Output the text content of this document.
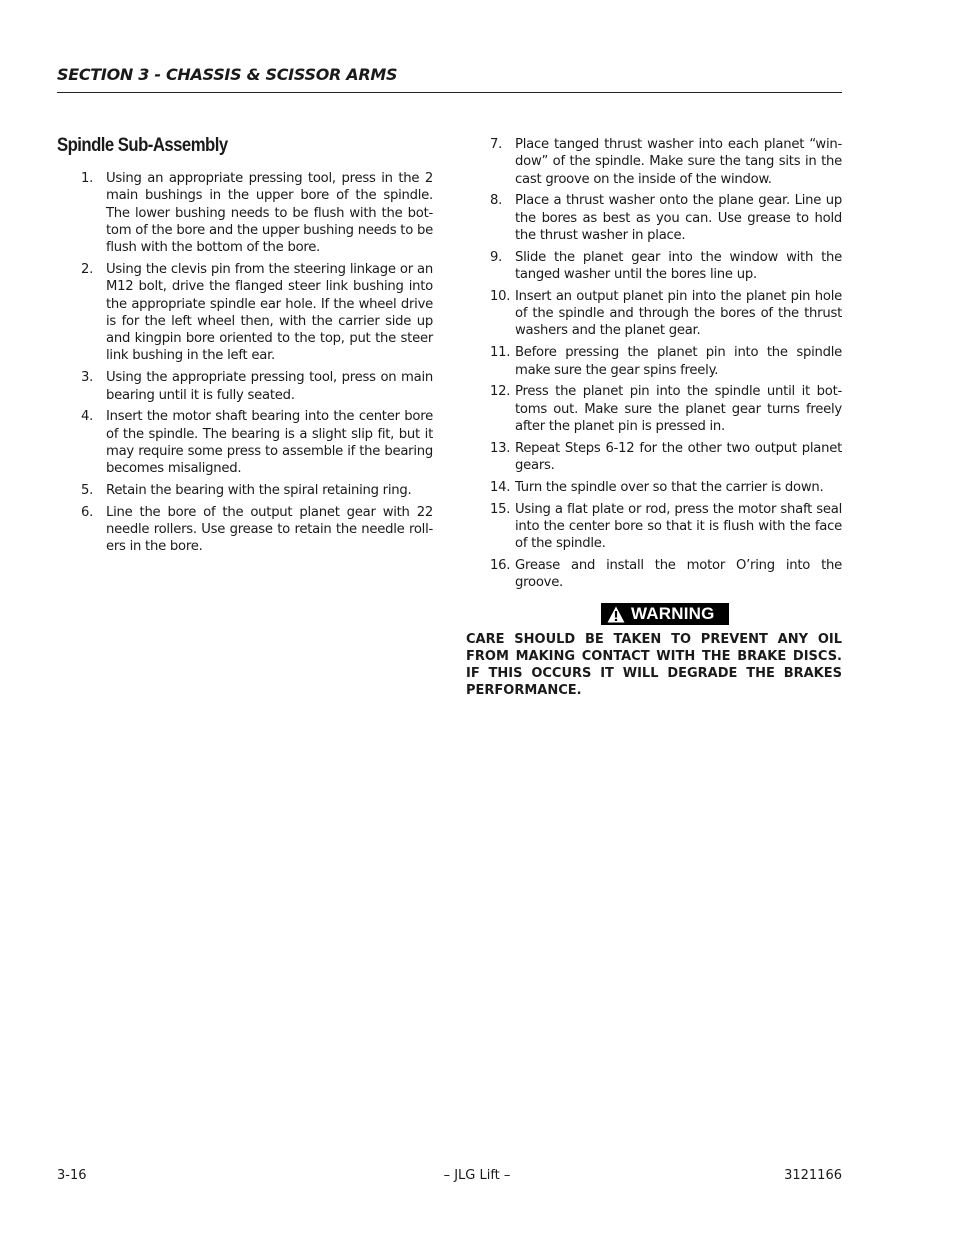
SECTION 3 - CHASSIS & SCISSOR ARMS
Spindle Sub-Assembly
1. Using an appropriate pressing tool, press in the 2 main bushings in the upper bore of the spindle. The lower bushing needs to be flush with the bot-tom of the bore and the upper bushing needs to be flush with the bottom of the bore.
2. Using the clevis pin from the steering linkage or an M12 bolt, drive the flanged steer link bushing into the appropriate spindle ear hole. If the wheel drive is for the left wheel then, with the carrier side up and kingpin bore oriented to the top, put the steer link bushing in the left ear.
3. Using the appropriate pressing tool, press on main bearing until it is fully seated.
4. Insert the motor shaft bearing into the center bore of the spindle. The bearing is a slight slip fit, but it may require some press to assemble if the bearing becomes misaligned.
5. Retain the bearing with the spiral retaining ring.
6. Line the bore of the output planet gear with 22 needle rollers. Use grease to retain the needle roll-ers in the bore.
7. Place tanged thrust washer into each planet “win-dow” of the spindle. Make sure the tang sits in the cast groove on the inside of the window.
8. Place a thrust washer onto the plane gear. Line up the bores as best as you can. Use grease to hold the thrust washer in place.
9. Slide the planet gear into the window with the tanged washer until the bores line up.
10. Insert an output planet pin into the planet pin hole of the spindle and through the bores of the thrust washers and the planet gear.
11. Before pressing the planet pin into the spindle make sure the gear spins freely.
12. Press the planet pin into the spindle until it bot-toms out. Make sure the planet gear turns freely after the planet pin is pressed in.
13. Repeat Steps 6-12 for the other two output planet gears.
14. Turn the spindle over so that the carrier is down.
15. Using a flat plate or rod, press the motor shaft seal into the center bore so that it is flush with the face of the spindle.
16. Grease and install the motor O’ring into the groove.
WARNING
CARE SHOULD BE TAKEN TO PREVENT ANY OIL FROM MAKING CONTACT WITH THE BRAKE DISCS. IF THIS OCCURS IT WILL DEGRADE THE BRAKES PERFORMANCE.
3-16	– JLG Lift –	3121166
